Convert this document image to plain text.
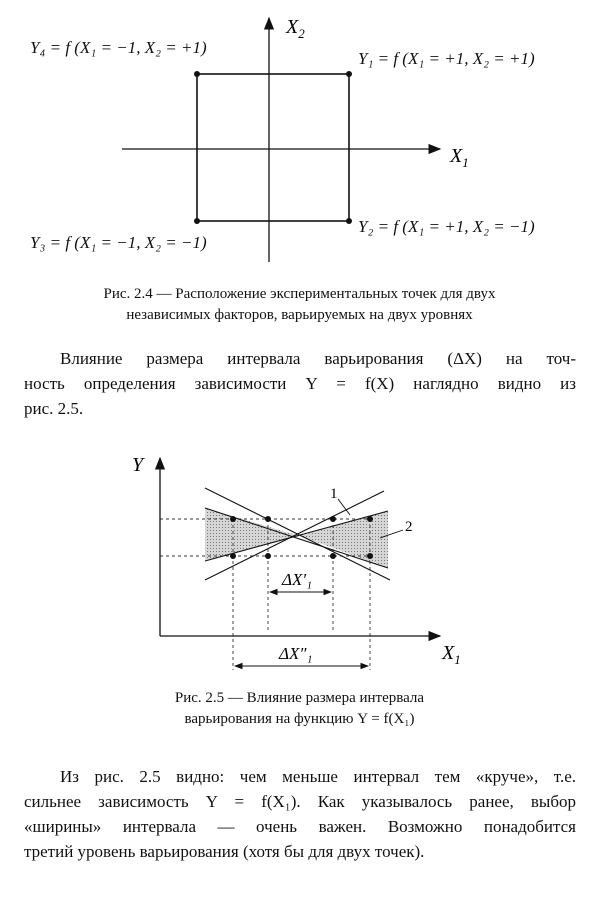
$X_2$
$X_1$
Y₄ = f (X₁ = −1, X₂ = +1)
Y₁ = f (X₁ = +1, X₂ = +1)
Y₃ = f (X₁ = −1, X₂ = −1)
Y₂ = f (X₁ = +1, X₂ = −1)
Рис. 2.4 — Расположение экспериментальных точек для двух
независимых факторов, варьируемых на двух уровнях
Влияние размера интервала варьирования (ΔX) на точ-
ность определения зависимости Y = f(X) наглядно видно из
рис. 2.5.
1
2
ΔX′₁
ΔX″₁
Y
$X_1$
Рис. 2.5 — Влияние размера интервала
варьирования на функцию Y = f(X₁)
Из рис. 2.5 видно: чем меньше интервал тем «круче», т.е.
сильнее зависимость Y = f(X₁). Как указывалось ранее, выбор
«ширины» интервала — очень важен. Возможно понадобится
третий уровень варьирования (хотя бы для двух точек).
